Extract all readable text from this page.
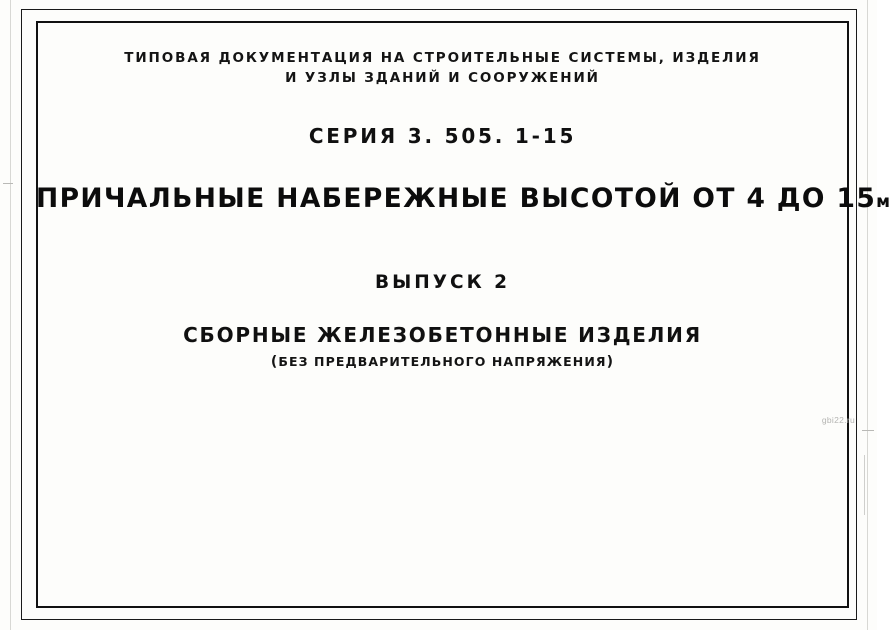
ТИПОВАЯ ДОКУМЕНТАЦИЯ НА СТРОИТЕЛЬНЫЕ СИСТЕМЫ, ИЗДЕЛИЯ
И УЗЛЫ ЗДАНИЙ И СООРУЖЕНИЙ
СЕРИЯ 3. 505. 1-15
ПРИЧАЛЬНЫЕ НАБЕРЕЖНЫЕ ВЫСОТОЙ ОТ 4 ДО 15м
ВЫПУСК 2
СБОРНЫЕ ЖЕЛЕЗОБЕТОННЫЕ ИЗДЕЛИЯ
(БЕЗ ПРЕДВАРИТЕЛЬНОГО НАПРЯЖЕНИЯ)
gbi22.ru
